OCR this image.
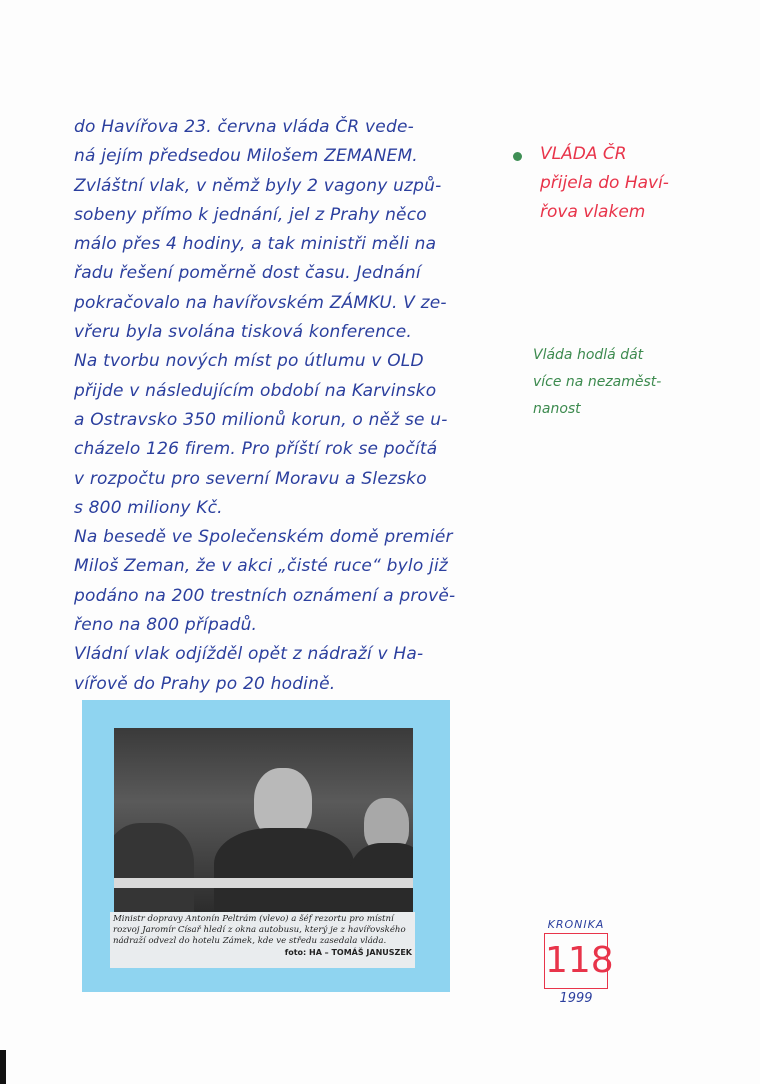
do Havířova 23. června vláda ČR vede-
ná jejím předsedou Milošem ZEMANEM.
Zvláštní vlak, v němž byly 2 vagony uzpů-
sobeny přímo k jednání, jel z Prahy něco
málo přes 4 hodiny, a tak ministři měli na
řadu řešení poměrně dost času. Jednání
pokračovalo na havířovském ZÁMKU. V ze-
vřeru byla svolána tisková konference.
Na tvorbu nových míst po útlumu v OLD
přijde v následujícím období na Karvinsko
a Ostravsko 350 milionů korun, o něž se u-
cházelo 126 firem. Pro příští rok se počítá
v rozpočtu pro severní Moravu a Slezsko
s 800 miliony Kč.
Na besedě ve Společenském domě premiér
Miloš Zeman, že v akci „čisté ruce“ bylo již
podáno na 200 trestních oznámení a prově-
řeno na 800 případů.
Vládní vlak odjížděl opět z nádraží v Ha-
vířově do Prahy po 20 hodině.
VLÁDA ČR
přijela do Haví-
řova vlakem
Vláda hodlá dát
více na nezaměst-
nanost
Ministr dopravy Antonín Peltrám (vlevo) a šéf rezortu pro místní rozvoj Jaromír Císař hledí z okna autobusu, který je z havířovského nádraží odvezl do hotelu Zámek, kde ve středu zasedala vláda.
foto: HA – TOMÁŠ JANUSZEK
KRONIKA
118
1999
